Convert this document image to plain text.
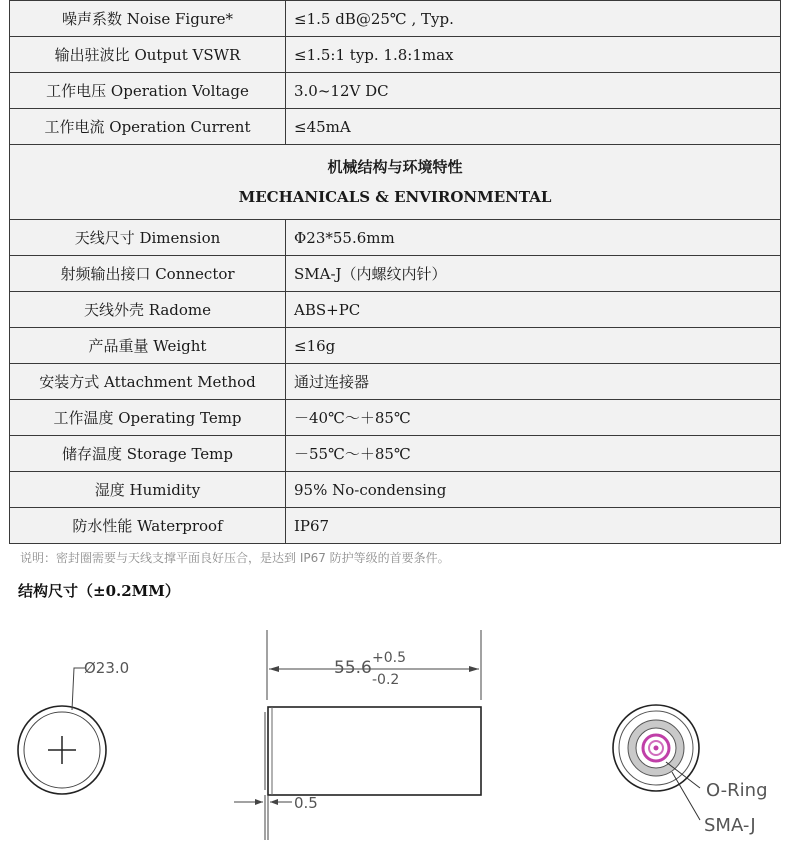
噪声系数 Noise Figure*	≤1.5 dB@25℃ , Typ.
输出驻波比 Output VSWR	≤1.5:1 typ. 1.8:1max
工作电压 Operation Voltage	3.0~12V DC
工作电流 Operation Current	≤45mA

机械结构与环境特性
MECHANICALS & ENVIRONMENTAL	

天线尺寸 Dimension	Φ23*55.6mm
射频输出接口 Connector	SMA-J（内螺纹内针）
天线外壳 Radome	ABS+PC
产品重量 Weight	≤16g
安装方式 Attachment Method	通过连接器
工作温度 Operating Temp	－40℃～＋85℃
储存温度 Storage Temp	－55℃～＋85℃
湿度 Humidity	95% No-condensing
防水性能 Waterproof	IP67
说明：密封圈需要与天线支撑平面良好压合，是达到 IP67 防护等级的首要条件。
结构尺寸（±0.2MM）
Ø23.0	55.6 +0.5
-0.2
0.5
O-Ring
SMA-J
